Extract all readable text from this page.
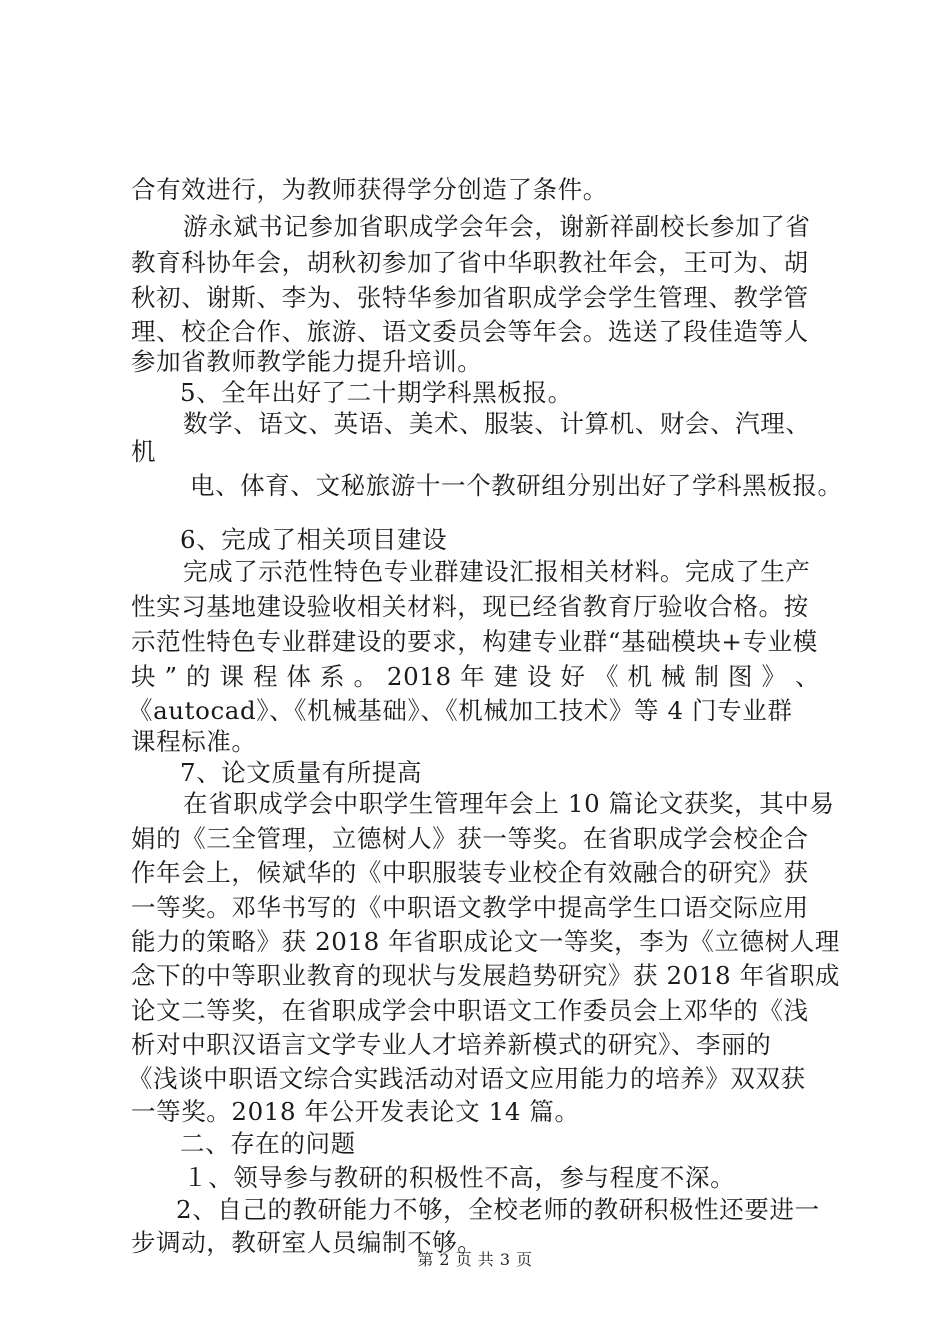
合有效进行，为教师获得学分创造了条件。
游永斌书记参加省职成学会年会，谢新祥副校长参加了省
教育科协年会，胡秋初参加了省中华职教社年会，王可为、胡
秋初、谢斯、李为、张特华参加省职成学会学生管理、教学管
理、校企合作、旅游、语文委员会等年会。选送了段佳造等人
参加省教师教学能力提升培训。
5、全年出好了二十期学科黑板报。
数学、语文、英语、美术、服装、计算机、财会、汽理、
机
电、体育、文秘旅游十一个教研组分别出好了学科黑板报。
6、完成了相关项目建设
完成了示范性特色专业群建设汇报相关材料。完成了生产
性实习基地建设验收相关材料，现已经省教育厅验收合格。按
示范性特色专业群建设的要求，构建专业群“基础模块+专业模
块 ” 的 课 程 体 系 。 2018 年 建 设 好 《 机 械 制 图 》 、
《autocad》、《机械基础》、《机械加工技术》等 4 门专业群
课程标准。
7、论文质量有所提高
在省职成学会中职学生管理年会上 10 篇论文获奖，其中易
娟的《三全管理，立德树人》获一等奖。在省职成学会校企合
作年会上，候斌华的《中职服装专业校企有效融合的研究》获
一等奖。邓华书写的《中职语文教学中提高学生口语交际应用
能力的策略》获 2018 年省职成论文一等奖，李为《立德树人理
念下的中等职业教育的现状与发展趋势研究》获 2018 年省职成
论文二等奖，在省职成学会中职语文工作委员会上邓华的《浅
析对中职汉语言文学专业人才培养新模式的研究》、李丽的
《浅谈中职语文综合实践活动对语文应用能力的培养》双双获
一等奖。2018 年公开发表论文 14 篇。
二、存在的问题
１、领导参与教研的积极性不高，参与程度不深。
2、自己的教研能力不够，全校老师的教研积极性还要进一
步调动，教研室人员编制不够。
第 2 页 共 3 页
